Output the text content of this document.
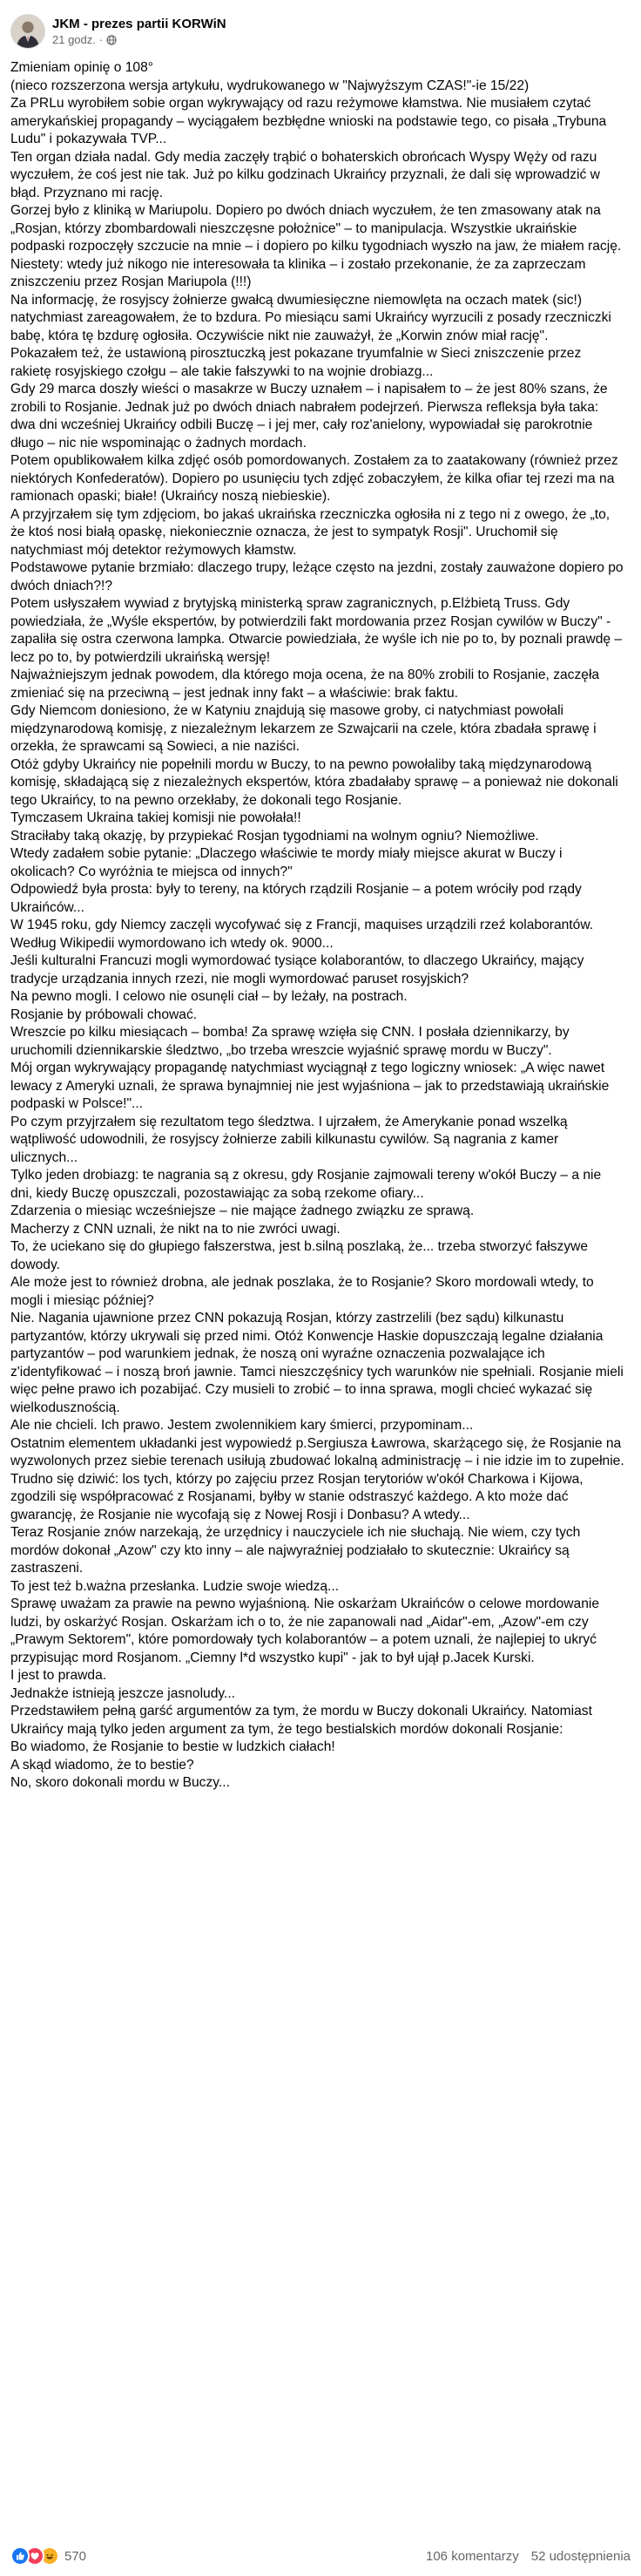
JKM - prezes partii KORWiN
21 godz. ·

Zmieniam opinię o 108°
(nieco rozszerzona wersja artykułu, wydrukowanego w "Najwyższym CZAS!"-ie 15/22)

Za PRLu wyrobiłem sobie organ wykrywający od razu reżymowe kłamstwa. Nie musiałem czytać amerykańskiej propagandy – wyciągałem bezbłędne wnioski na podstawie tego, co pisała „Trybuna Ludu" i pokazywała TVP...

Ten organ działa nadal. Gdy media zaczęły trąbić o bohaterskich obrońcach Wyspy Węży od razu wyczułem, że coś jest nie tak. Już po kilku godzinach Ukraińcy przyznali, że dali się wprowadzić w błąd. Przyznano mi rację.

Gorzej było z kliniką w Mariupolu. Dopiero po dwóch dniach wyczułem, że ten zmasowany atak na „Rosjan, którzy zbombardowali nieszczęsne położnice" – to manipulacja. Wszystkie ukraińskie podpaski rozpoczęły szczucie na mnie – i dopiero po kilku tygodniach wyszło na jaw, że miałem rację. Niestety: wtedy już nikogo nie interesowała ta klinika – i zostało przekonanie, że za zaprzeczam zniszczeniu przez Rosjan Mariupola (!!!)

Na informację, że rosyjscy żołnierze gwałcą dwumiesięczne niemowlęta na oczach matek (sic!) natychmiast zareagowałem, że to bzdura. Po miesiącu sami Ukraińcy wyrzucili z posady rzeczniczki babę, która tę bzdurę ogłosiła. Oczywiście nikt nie zauważył, że „Korwin znów miał rację".

Pokazałem też, że ustawioną pirosztuczką jest pokazane tryumfalnie w Sieci zniszczenie przez rakietę rosyjskiego czołgu – ale takie fałszywki to na wojnie drobiazg...

Gdy 29 marca doszły wieści o masakrze w Buczy uznałem – i napisałem to – że jest 80% szans, że zrobili to Rosjanie. Jednak już po dwóch dniach nabrałem podejrzeń. Pierwsza refleksja była taka: dwa dni wcześniej Ukraińcy odbili Buczę – i jej mer, cały roz'anielony, wypowiadał się parokrotnie długo – nic nie wspominając o żadnych mordach.

Potem opublikowałem kilka zdjęć osób pomordowanych. Zostałem za to zaatakowany (również przez niektórych Konfederatów). Dopiero po usunięciu tych zdjęć zobaczyłem, że kilka ofiar tej rzezi ma na ramionach opaski; białe! (Ukraińcy noszą niebieskie).

A przyjrzałem się tym zdjęciom, bo jakaś ukraińska rzeczniczka ogłosiła ni z tego ni z owego, że „to, że ktoś nosi białą opaskę, niekoniecznie oznacza, że jest to sympatyk Rosji". Uruchomił się natychmiast mój detektor reżymowych kłamstw.

Podstawowe pytanie brzmiało: dlaczego trupy, leżące często na jezdni, zostały zauważone dopiero po dwóch dniach?!?

Potem usłyszałem wywiad z brytyjską ministerką spraw zagranicznych, p.Elżbietą Truss. Gdy powiedziała, że „Wyśle ekspertów, by potwierdzili fakt mordowania przez Rosjan cywilów w Buczy" - zapaliła się ostra czerwona lampka. Otwarcie powiedziała, że wyśle ich nie po to, by poznali prawdę – lecz po to, by potwierdzili ukraińską wersję!

Najważniejszym jednak powodem, dla którego moja ocena, że na 80% zrobili to Rosjanie, zaczęła zmieniać się na przeciwną – jest jednak inny fakt – a właściwie: brak faktu.

Gdy Niemcom doniesiono, że w Katyniu znajdują się masowe groby, ci natychmiast powołali międzynarodową komisję, z niezależnym lekarzem ze Szwajcarii na czele, która zbadała sprawę i orzekła, że sprawcami są Sowieci, a nie naziści.

Otóż gdyby Ukraińcy nie popełnili mordu w Buczy, to na pewno powołaliby taką międzynarodową komisję, składającą się z niezależnych ekspertów, która zbadałaby sprawę – a ponieważ nie dokonali tego Ukraińcy, to na pewno orzekłaby, że dokonali tego Rosjanie.

Tymczasem Ukraina takiej komisji nie powołała!!

Straciłaby taką okazję, by przypiekać Rosjan tygodniami na wolnym ogniu? Niemożliwe.

Wtedy zadałem sobie pytanie: „Dlaczego właściwie te mordy miały miejsce akurat w Buczy i okolicach? Co wyróżnia te miejsca od innych?"

Odpowiedź była prosta: były to tereny, na których rządzili Rosjanie – a potem wróciły pod rządy Ukraińców...

W 1945 roku, gdy Niemcy zaczęli wycofywać się z Francji, maquises urządzili rzeź kolaborantów. Według Wikipedii wymordowano ich wtedy ok. 9000...

Jeśli kulturalni Francuzi mogli wymordować tysiące kolaborantów, to dlaczego Ukraińcy, mający tradycje urządzania innych rzezi, nie mogli wymordować paruset rosyjskich?

Na pewno mogli. I celowo nie osunęli ciał – by leżały, na postrach.

Rosjanie by próbowali chować.

Wreszcie po kilku miesiącach – bomba! Za sprawę wzięła się CNN. I posłała dziennikarzy, by uruchomili dziennikarskie śledztwo, „bo trzeba wreszcie wyjaśnić sprawę mordu w Buczy".

Mój organ wykrywający propagandę natychmiast wyciągnął z tego logiczny wniosek: „A więc nawet lewacy z Ameryki uznali, że sprawa bynajmniej nie jest wyjaśniona – jak to przedstawiają ukraińskie podpaski w Polsce!"...

Po czym przyjrzałem się rezultatom tego śledztwa. I ujrzałem, że Amerykanie ponad wszelką wątpliwość udowodnili, że rosyjscy żołnierze zabili kilkunastu cywilów. Są nagrania z kamer ulicznych...

Tylko jeden drobiazg: te nagrania są z okresu, gdy Rosjanie zajmowali tereny w'okół Buczy – a nie dni, kiedy Buczę opuszczali, pozostawiając za sobą rzekome ofiary...

Zdarzenia o miesiąc wcześniejsze – nie mające żadnego związku ze sprawą.

Macherzy z CNN uznali, że nikt na to nie zwróci uwagi.

To, że uciekano się do głupiego fałszerstwa, jest b.silną poszlaką, że... trzeba stworzyć fałszywe dowody.

Ale może jest to również drobna, ale jednak poszlaka, że to Rosjanie? Skoro mordowali wtedy, to mogli i miesiąc później?

Nie. Nagania ujawnione przez CNN pokazują Rosjan, którzy zastrzelili (bez sądu) kilkunastu partyzantów, którzy ukrywali się przed nimi. Otóż Konwencje Haskie dopuszczają legalne działania partyzantów – pod warunkiem jednak, że noszą oni wyraźne oznaczenia pozwalające ich z'identyfikować – i noszą broń jawnie. Tamci nieszczęśnicy tych warunków nie spełniali. Rosjanie mieli więc pełne prawo ich pozabijać. Czy musieli to zrobić – to inna sprawa, mogli chcieć wykazać się wielkodusznością.

Ale nie chcieli. Ich prawo. Jestem zwolennikiem kary śmierci, przypominam...

Ostatnim elementem układanki jest wypowiedź p.Sergiusza Ławrowa, skarżącego się, że Rosjanie na wyzwolonych przez siebie terenach usiłują zbudować lokalną administrację – i nie idzie im to zupełnie. Trudno się dziwić: los tych, którzy po zajęciu przez Rosjan terytoriów w'okół Charkowa i Kijowa, zgodzili się współpracować z Rosjanami, byłby w stanie odstraszyć każdego. A kto może dać gwarancję, że Rosjanie nie wycofają się z Nowej Rosji i Donbasu? A wtedy...

Teraz Rosjanie znów narzekają, że urzędnicy i nauczyciele ich nie słuchają. Nie wiem, czy tych mordów dokonał „Azow" czy kto inny – ale najwyraźniej podziałało to skutecznie: Ukraińcy są zastraszeni.

To jest też b.ważna przesłanka. Ludzie swoje wiedzą...

Sprawę uważam za prawie na pewno wyjaśnioną. Nie oskarżam Ukraińców o celowe mordowanie ludzi, by oskarżyć Rosjan. Oskarżam ich o to, że nie zapanowali nad „Aidar"-em, „Azow"-em czy „Prawym Sektorem", które pomordowały tych kolaborantów – a potem uznali, że najlepiej to ukryć przypisując mord Rosjanom. „Ciemny l*d wszystko kupi" - jak to był ujął p.Jacek Kurski.

I jest to prawda.

Jednakże istnieją jeszcze jasnoludy...

Przedstawiłem pełną garść argumentów za tym, że mordu w Buczy dokonali Ukraińcy. Natomiast Ukraińcy mają tylko jeden argument za tym, że tego bestialskich mordów dokonali Rosjanie:

Bo wiadomo, że Rosjanie to bestie w ludzkich ciałach!

A skąd wiadomo, że to bestie?

No, skoro dokonali mordu w Buczy...

570	106 komentarzy 52 udostępnienia
